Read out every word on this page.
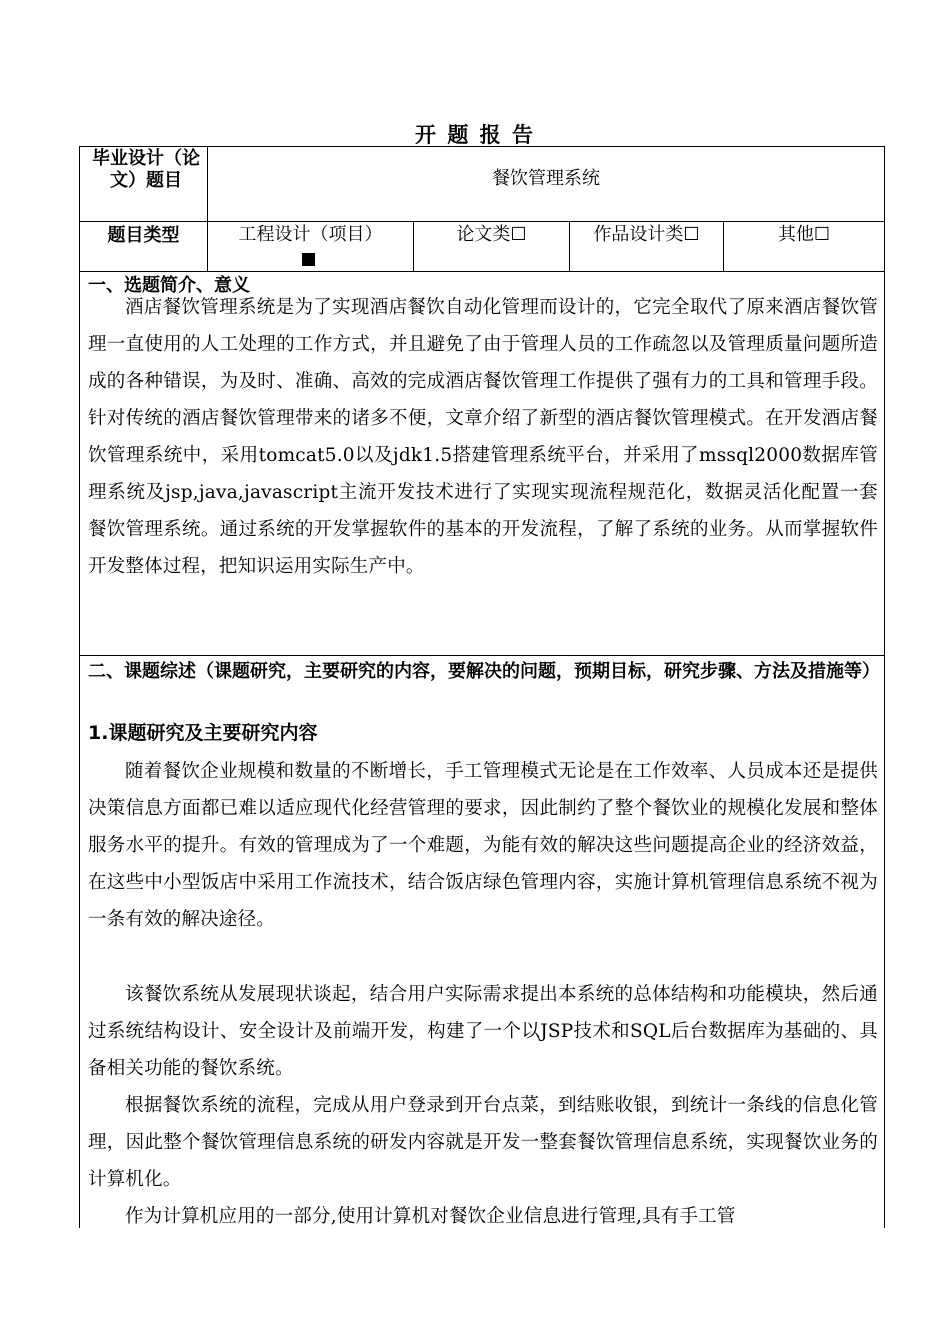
开 题 报 告
毕业设计（论文）题目	餐饮管理系统
题目类型	工程设计（项目）	论文类☐	作品设计类☐	其他☐
一、选题简介、意义

酒店餐饮管理系统是为了实现酒店餐饮自动化管理而设计的，它完全取代了原来酒店餐饮管理一直使用的人工处理的工作方式，并且避免了由于管理人员的工作疏忽以及管理质量问题所造成的各种错误，为及时、准确、高效的完成酒店餐饮管理工作提供了强有力的工具和管理手段。针对传统的酒店餐饮管理带来的诸多不便，文章介绍了新型的酒店餐饮管理模式。在开发酒店餐饮管理系统中，采用tomcat5.0以及jdk1.5搭建管理系统平台，并采用了mssql2000数据库管理系统及jsp,java,javascript主流开发技术进行了实现实现流程规范化，数据灵活化配置一套餐饮管理系统。通过系统的开发掌握软件的基本的开发流程，了解了系统的业务。从而掌握软件开发整体过程，把知识运用实际生产中。

二、课题综述（课题研究，主要研究的内容，要解决的问题，预期目标，研究步骤、方法及措施等）
1.课题研究及主要研究内容

随着餐饮企业规模和数量的不断增长，手工管理模式无论是在工作效率、人员成本还是提供决策信息方面都已难以适应现代化经营管理的要求，因此制约了整个餐饮业的规模化发展和整体服务水平的提升。有效的管理成为了一个难题，为能有效的解决这些问题提高企业的经济效益，在这些中小型饭店中采用工作流技术，结合饭店绿色管理内容，实施计算机管理信息系统不视为一条有效的解决途径。

该餐饮系统从发展现状谈起，结合用户实际需求提出本系统的总体结构和功能模块，然后通过系统结构设计、安全设计及前端开发，构建了一个以JSP技术和SQL后台数据库为基础的、具备相关功能的餐饮系统。

根据餐饮系统的流程，完成从用户登录到开台点菜，到结账收银，到统计一条线的信息化管理，因此整个餐饮管理信息系统的研发内容就是开发一整套餐饮管理信息系统，实现餐饮业务的计算机化。

作为计算机应用的一部分,使用计算机对餐饮企业信息进行管理,具有手工管
